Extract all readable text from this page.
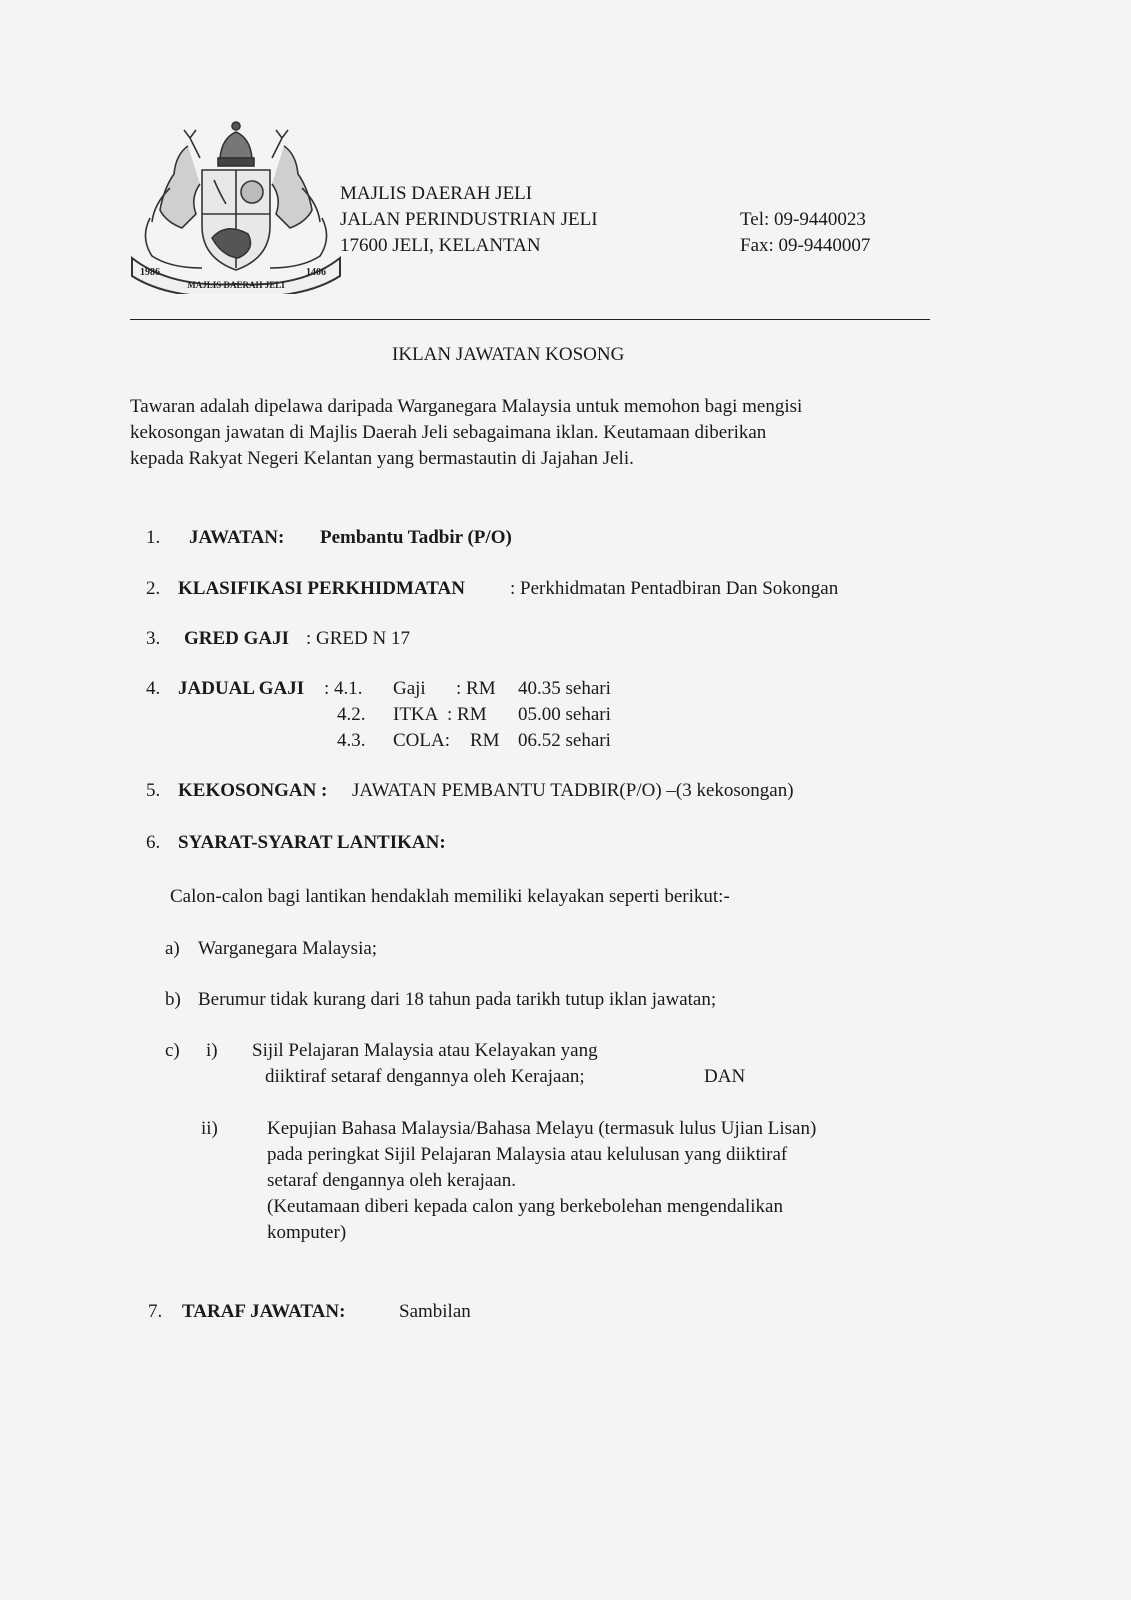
1986
MAJLIS DAERAH JELI
1406
MAJLIS DAERAH JELI
JALAN PERINDUSTRIAN JELI
17600 JELI, KELANTAN
Tel: 09-9440023
Fax: 09-9440007
IKLAN JAWATAN KOSONG
Tawaran adalah dipelawa daripada Warganegara Malaysia untuk memohon bagi mengisi
kekosongan jawatan di Majlis Daerah Jeli sebagaimana iklan. Keutamaan diberikan
kepada Rakyat Negeri Kelantan yang bermastautin di Jajahan Jeli.
1. JAWATAN: Pembantu Tadbir (P/O)
2. KLASIFIKASI PERKHIDMATAN : Perkhidmatan Pentadbiran Dan Sokongan
3. GRED GAJI : GRED N 17
4. JADUAL GAJI : 4.1. Gaji : RM 40.35 sehari
4.2. ITKA : RM 05.00 sehari
4.3. COLA: RM 06.52 sehari
5. KEKOSONGAN : JAWATAN PEMBANTU TADBIR(P/O) –(3 kekosongan)
6. SYARAT-SYARAT LANTIKAN:
Calon-calon bagi lantikan hendaklah memiliki kelayakan seperti berikut:-
a) Warganegara Malaysia;
b) Berumur tidak kurang dari 18 tahun pada tarikh tutup iklan jawatan;
c) i) Sijil Pelajaran Malaysia atau Kelayakan yang
diiktiraf setaraf dengannya oleh Kerajaan;	DAN
ii)	Kepujian Bahasa Malaysia/Bahasa Melayu (termasuk lulus Ujian Lisan)
pada peringkat Sijil Pelajaran Malaysia atau kelulusan yang diiktiraf
setaraf dengannya oleh kerajaan.
(Keutamaan diberi kepada calon yang berkebolehan mengendalikan
komputer)
7. TARAF JAWATAN:	Sambilan
